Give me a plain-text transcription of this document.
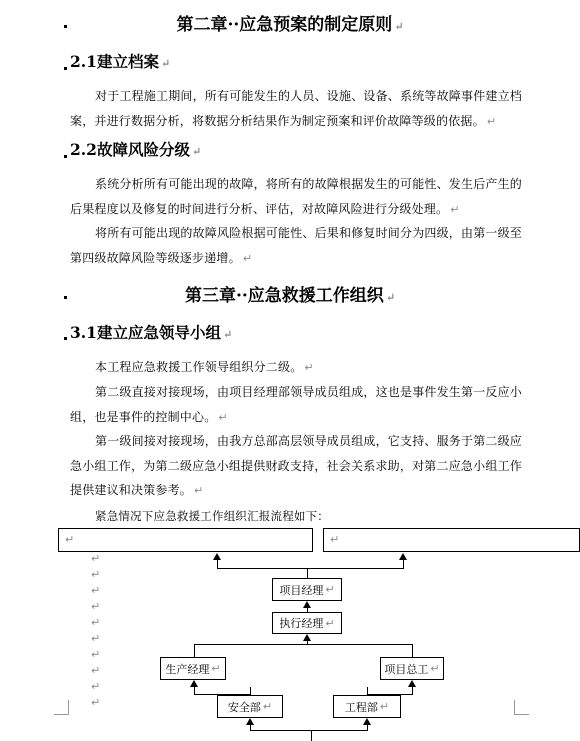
第二章··应急预案的制定原则 ↵
2.1建立档案 ↵
对于工程施工期间，所有可能发生的人员、设施、设备、系统等故障事件建立档案，并进行数据分析，将数据分析结果作为制定预案和评价故障等级的依据。 ↵
2.2故障风险分级 ↵
系统分析所有可能出现的故障，将所有的故障根据发生的可能性、发生后产生的后果程度以及修复的时间进行分析、评估，对故障风险进行分级处理。 ↵
将所有可能出现的故障风险根据可能性、后果和修复时间分为四级，由第一级至第四级故障风险等级逐步递增。 ↵
第三章··应急救援工作组织 ↵
3.1建立应急领导小组 ↵
本工程应急救援工作领导组织分二级。 ↵
第二级直接对接现场，由项目经理部领导成员组成，这也是事件发生第一反应小组，也是事件的控制中心。 ↵
第一级间接对接现场，由我方总部高层领导成员组成，它支持、服务于第二级应急小组工作，为第二级应急小组提供财政支持，社会关系求助，对第二应急小组工作提供建议和决策参考。 ↵
紧急情况下应急救援工作组织汇报流程如下：
↵	↵
项目经理 ↵
执行经理 ↵
生产经理 ↵	项目总工 ↵
安全部 ↵	工程部 ↵
↵
↵
↵
↵
↵
↵
↵
↵
↵
↵
